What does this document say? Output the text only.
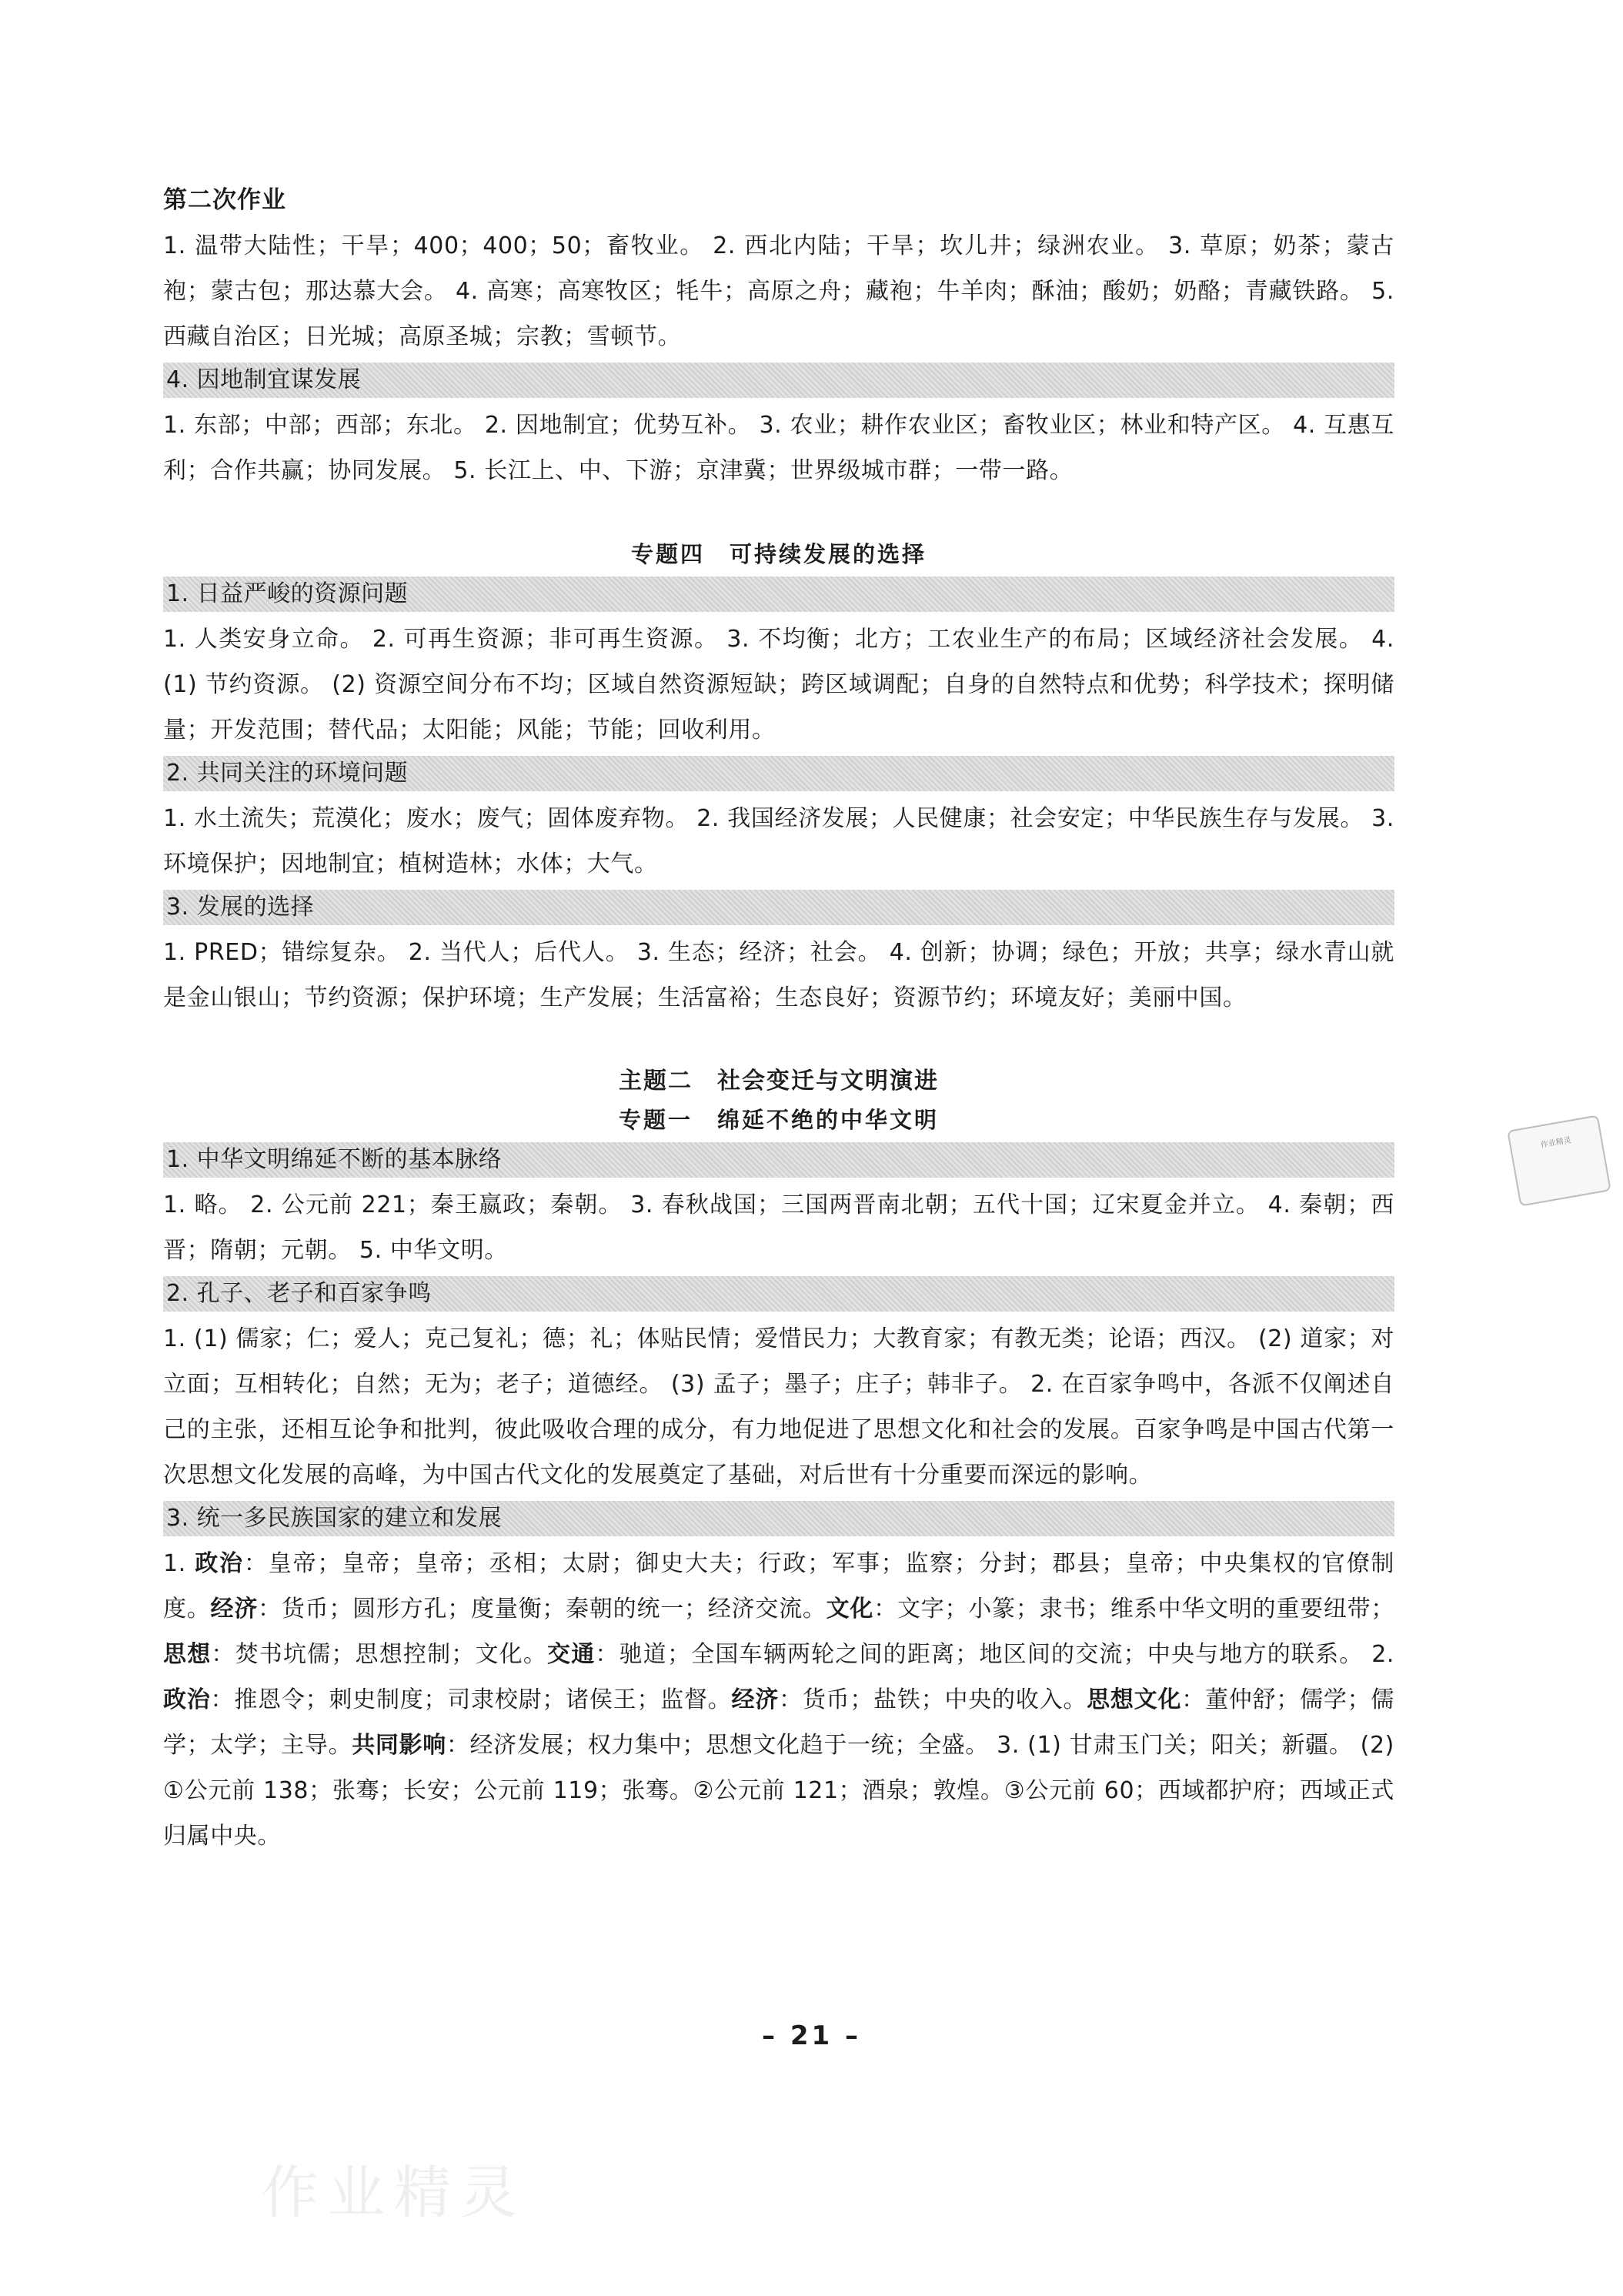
第二次作业
1. 温带大陆性；干旱；400；400；50；畜牧业。 2. 西北内陆；干旱；坎儿井；绿洲农业。 3. 草原；奶茶；蒙古袍；蒙古包；那达慕大会。 4. 高寒；高寒牧区；牦牛；高原之舟；藏袍；牛羊肉；酥油；酸奶；奶酪；青藏铁路。 5. 西藏自治区；日光城；高原圣城；宗教；雪顿节。
4. 因地制宜谋发展
1. 东部；中部；西部；东北。 2. 因地制宜；优势互补。 3. 农业；耕作农业区；畜牧业区；林业和特产区。 4. 互惠互利；合作共赢；协同发展。 5. 长江上、中、下游；京津冀；世界级城市群；一带一路。
专题四　可持续发展的选择
1. 日益严峻的资源问题
1. 人类安身立命。 2. 可再生资源；非可再生资源。 3. 不均衡；北方；工农业生产的布局；区域经济社会发展。 4. (1) 节约资源。 (2) 资源空间分布不均；区域自然资源短缺；跨区域调配；自身的自然特点和优势；科学技术；探明储量；开发范围；替代品；太阳能；风能；节能；回收利用。
2. 共同关注的环境问题
1. 水土流失；荒漠化；废水；废气；固体废弃物。 2. 我国经济发展；人民健康；社会安定；中华民族生存与发展。 3. 环境保护；因地制宜；植树造林；水体；大气。
3. 发展的选择
1. PRED；错综复杂。 2. 当代人；后代人。 3. 生态；经济；社会。 4. 创新；协调；绿色；开放；共享；绿水青山就是金山银山；节约资源；保护环境；生产发展；生活富裕；生态良好；资源节约；环境友好；美丽中国。
主题二　社会变迁与文明演进
专题一　绵延不绝的中华文明
1. 中华文明绵延不断的基本脉络
1. 略。 2. 公元前 221；秦王嬴政；秦朝。 3. 春秋战国；三国两晋南北朝；五代十国；辽宋夏金并立。 4. 秦朝；西晋；隋朝；元朝。 5. 中华文明。
2. 孔子、老子和百家争鸣
1. (1) 儒家；仁；爱人；克己复礼；德；礼；体贴民情；爱惜民力；大教育家；有教无类；论语；西汉。 (2) 道家；对立面；互相转化；自然；无为；老子；道德经。 (3) 孟子；墨子；庄子；韩非子。 2. 在百家争鸣中，各派不仅阐述自己的主张，还相互论争和批判，彼此吸收合理的成分，有力地促进了思想文化和社会的发展。百家争鸣是中国古代第一次思想文化发展的高峰，为中国古代文化的发展奠定了基础，对后世有十分重要而深远的影响。
3. 统一多民族国家的建立和发展
1. 政治：皇帝；皇帝；皇帝；丞相；太尉；御史大夫；行政；军事；监察；分封；郡县；皇帝；中央集权的官僚制度。经济：货币；圆形方孔；度量衡；秦朝的统一；经济交流。文化：文字；小篆；隶书；维系中华文明的重要纽带；思想：焚书坑儒；思想控制；文化。交通：驰道；全国车辆两轮之间的距离；地区间的交流；中央与地方的联系。 2. 政治：推恩令；刺史制度；司隶校尉；诸侯王；监督。经济：货币；盐铁；中央的收入。思想文化：董仲舒；儒学；儒学；太学；主导。共同影响：经济发展；权力集中；思想文化趋于一统；全盛。 3. (1) 甘肃玉门关；阳关；新疆。 (2) ①公元前 138；张骞；长安；公元前 119；张骞。②公元前 121；酒泉；敦煌。③公元前 60；西域都护府；西域正式归属中央。
– 21 –
作业精灵
作业精灵
